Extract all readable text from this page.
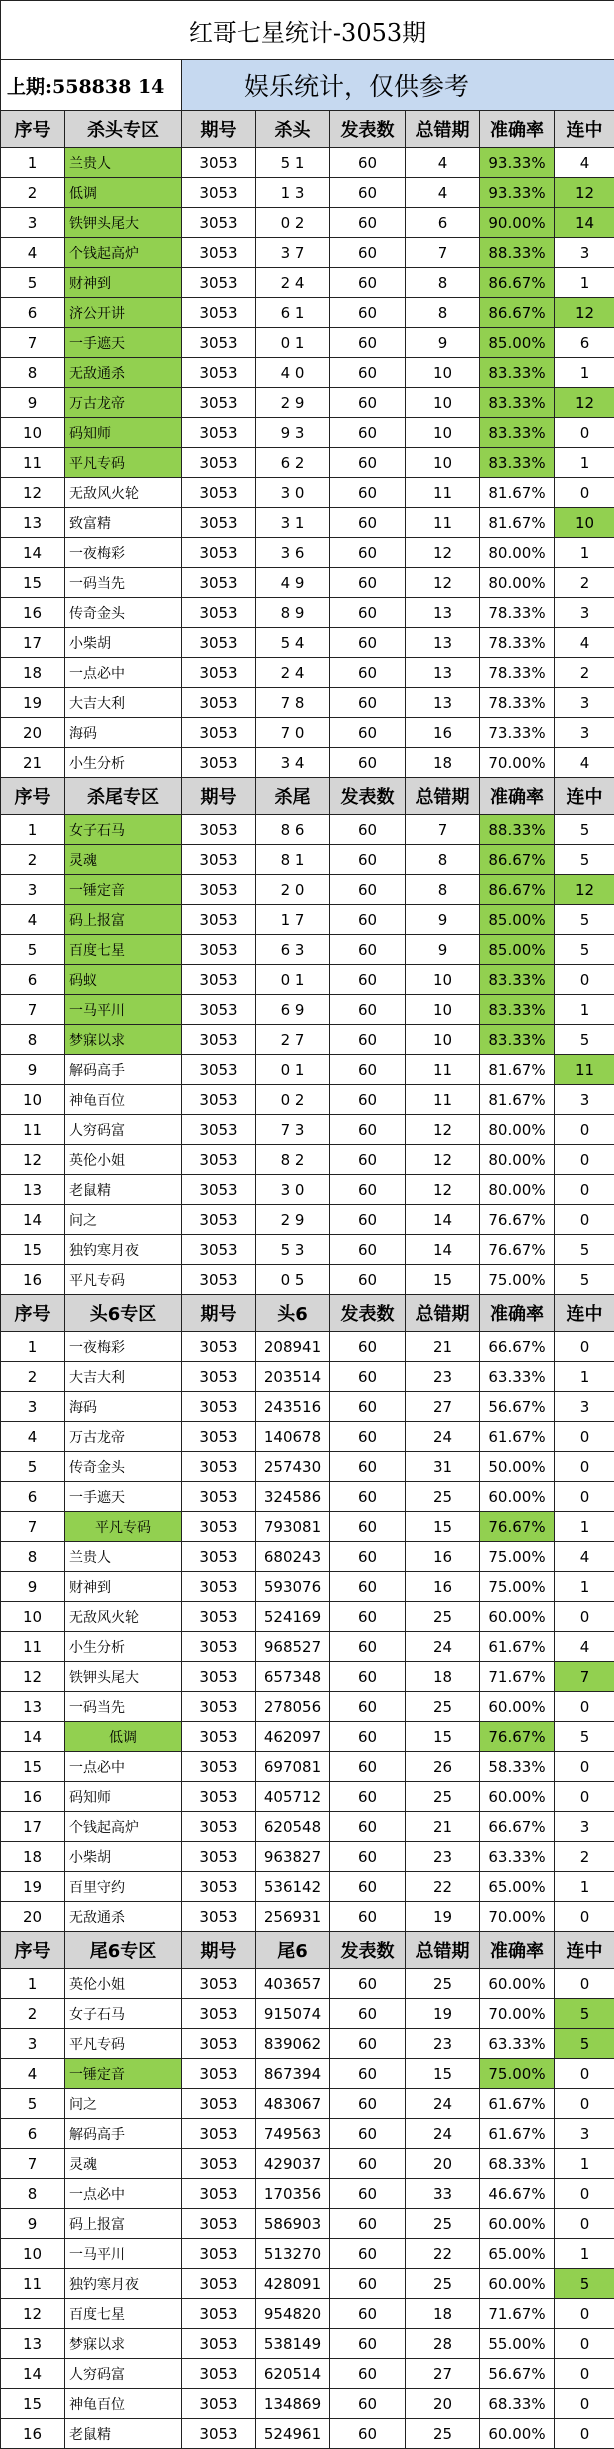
红哥七星统计-3053期							
上期:558838 14		娱乐统计，仅供参考					
序号	杀头专区	期号	杀头	发表数	总错期	准确率	连中
1	兰贵人	3053	5 1	60	4	93.33%	4
2	低调	3053	1 3	60	4	93.33%	12
3	铁钾头尾大	3053	0 2	60	6	90.00%	14
4	个钱起高炉	3053	3 7	60	7	88.33%	3
5	财神到	3053	2 4	60	8	86.67%	1
6	济公开讲	3053	6 1	60	8	86.67%	12
7	一手遮天	3053	0 1	60	9	85.00%	6
8	无敌通杀	3053	4 0	60	10	83.33%	1
9	万古龙帝	3053	2 9	60	10	83.33%	12
10	码知师	3053	9 3	60	10	83.33%	0
11	平凡专码	3053	6 2	60	10	83.33%	1
12	无敌风火轮	3053	3 0	60	11	81.67%	0
13	致富精	3053	3 1	60	11	81.67%	10
14	一夜梅彩	3053	3 6	60	12	80.00%	1
15	一码当先	3053	4 9	60	12	80.00%	2
16	传奇金头	3053	8 9	60	13	78.33%	3
17	小柴胡	3053	5 4	60	13	78.33%	4
18	一点必中	3053	2 4	60	13	78.33%	2
19	大吉大利	3053	7 8	60	13	78.33%	3
20	海码	3053	7 0	60	16	73.33%	3
21	小生分析	3053	3 4	60	18	70.00%	4
序号	杀尾专区	期号	杀尾	发表数	总错期	准确率	连中
1	女子石马	3053	8 6	60	7	88.33%	5
2	灵魂	3053	8 1	60	8	86.67%	5
3	一锤定音	3053	2 0	60	8	86.67%	12
4	码上报富	3053	1 7	60	9	85.00%	5
5	百度七星	3053	6 3	60	9	85.00%	5
6	码蚁	3053	0 1	60	10	83.33%	0
7	一马平川	3053	6 9	60	10	83.33%	1
8	梦寐以求	3053	2 7	60	10	83.33%	5
9	解码高手	3053	0 1	60	11	81.67%	11
10	神龟百位	3053	0 2	60	11	81.67%	3
11	人穷码富	3053	7 3	60	12	80.00%	0
12	英伦小姐	3053	8 2	60	12	80.00%	0
13	老鼠精	3053	3 0	60	12	80.00%	0
14	问之	3053	2 9	60	14	76.67%	0
15	独钓寒月夜	3053	5 3	60	14	76.67%	5
16	平凡专码	3053	0 5	60	15	75.00%	5
序号	头6专区	期号	头6	发表数	总错期	准确率	连中
1	一夜梅彩	3053	208941	60	21	66.67%	0
2	大吉大利	3053	203514	60	23	63.33%	1
3	海码	3053	243516	60	27	56.67%	3
4	万古龙帝	3053	140678	60	24	61.67%	0
5	传奇金头	3053	257430	60	31	50.00%	0
6	一手遮天	3053	324586	60	25	60.00%	0
7	平凡专码	3053	793081	60	15	76.67%	1
8	兰贵人	3053	680243	60	16	75.00%	4
9	财神到	3053	593076	60	16	75.00%	1
10	无敌风火轮	3053	524169	60	25	60.00%	0
11	小生分析	3053	968527	60	24	61.67%	4
12	铁钾头尾大	3053	657348	60	18	71.67%	7
13	一码当先	3053	278056	60	25	60.00%	0
14	低调	3053	462097	60	15	76.67%	5
15	一点必中	3053	697081	60	26	58.33%	0
16	码知师	3053	405712	60	25	60.00%	0
17	个钱起高炉	3053	620548	60	21	66.67%	3
18	小柴胡	3053	963827	60	23	63.33%	2
19	百里守约	3053	536142	60	22	65.00%	1
20	无敌通杀	3053	256931	60	19	70.00%	0
序号	尾6专区	期号	尾6	发表数	总错期	准确率	连中
1	英伦小姐	3053	403657	60	25	60.00%	0
2	女子石马	3053	915074	60	19	70.00%	5
3	平凡专码	3053	839062	60	23	63.33%	5
4	一锤定音	3053	867394	60	15	75.00%	0
5	问之	3053	483067	60	24	61.67%	0
6	解码高手	3053	749563	60	24	61.67%	3
7	灵魂	3053	429037	60	20	68.33%	1
8	一点必中	3053	170356	60	33	46.67%	0
9	码上报富	3053	586903	60	25	60.00%	0
10	一马平川	3053	513270	60	22	65.00%	1
11	独钓寒月夜	3053	428091	60	25	60.00%	5
12	百度七星	3053	954820	60	18	71.67%	0
13	梦寐以求	3053	538149	60	28	55.00%	0
14	人穷码富	3053	620514	60	27	56.67%	0
15	神龟百位	3053	134869	60	20	68.33%	0
16	老鼠精	3053	524961	60	25	60.00%	0
